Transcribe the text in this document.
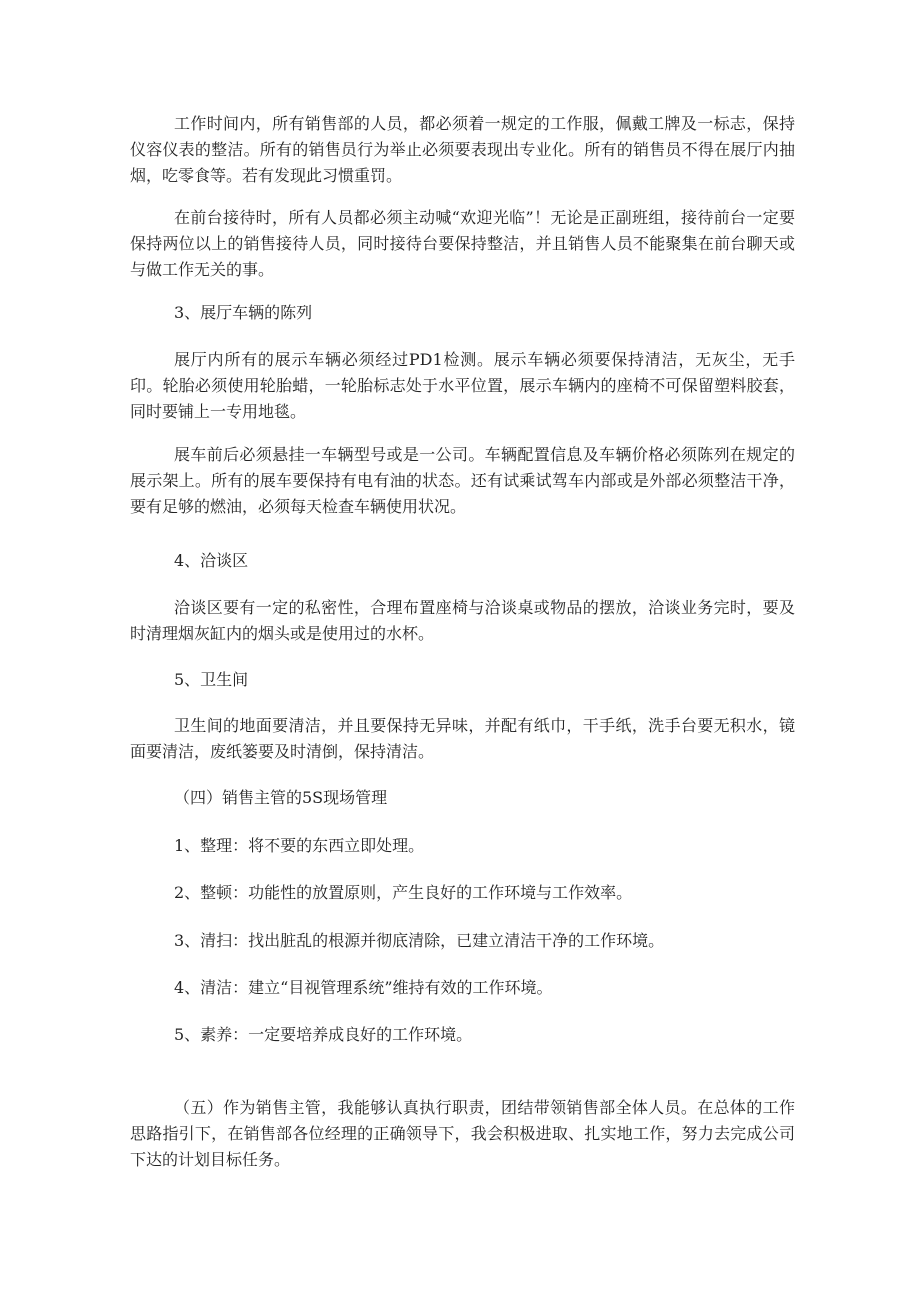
工作时间内，所有销售部的人员，都必须着一规定的工作服，佩戴工牌及一标志，保持仪容仪表的整洁。所有的销售员行为举止必须要表现出专业化。所有的销售员不得在展厅内抽烟，吃零食等。若有发现此习惯重罚。

在前台接待时，所有人员都必须主动喊“欢迎光临”！无论是正副班组，接待前台一定要保持两位以上的销售接待人员，同时接待台要保持整洁，并且销售人员不能聚集在前台聊天或与做工作无关的事。

3、展厅车辆的陈列

展厅内所有的展示车辆必须经过PD1检测。展示车辆必须要保持清洁，无灰尘，无手印。轮胎必须使用轮胎蜡，一轮胎标志处于水平位置，展示车辆内的座椅不可保留塑料胶套，同时要铺上一专用地毯。

展车前后必须悬挂一车辆型号或是一公司。车辆配置信息及车辆价格必须陈列在规定的展示架上。所有的展车要保持有电有油的状态。还有试乘试驾车内部或是外部必须整洁干净，要有足够的燃油，必须每天检查车辆使用状况。

4、洽谈区

洽谈区要有一定的私密性，合理布置座椅与洽谈桌或物品的摆放，洽谈业务完时，要及时清理烟灰缸内的烟头或是使用过的水杯。

5、卫生间

卫生间的地面要清洁，并且要保持无异味，并配有纸巾，干手纸，洗手台要无积水，镜面要清洁，废纸篓要及时清倒，保持清洁。

（四）销售主管的5S现场管理

1、整理：将不要的东西立即处理。

2、整顿：功能性的放置原则，产生良好的工作环境与工作效率。

3、清扫：找出脏乱的根源并彻底清除，已建立清洁干净的工作环境。

4、清洁：建立“目视管理系统”维持有效的工作环境。

5、素养：一定要培养成良好的工作环境。

（五）作为销售主管，我能够认真执行职责，团结带领销售部全体人员。在总体的工作思路指引下，在销售部各位经理的正确领导下，我会积极进取、扎实地工作，努力去完成公司下达的计划目标任务。
